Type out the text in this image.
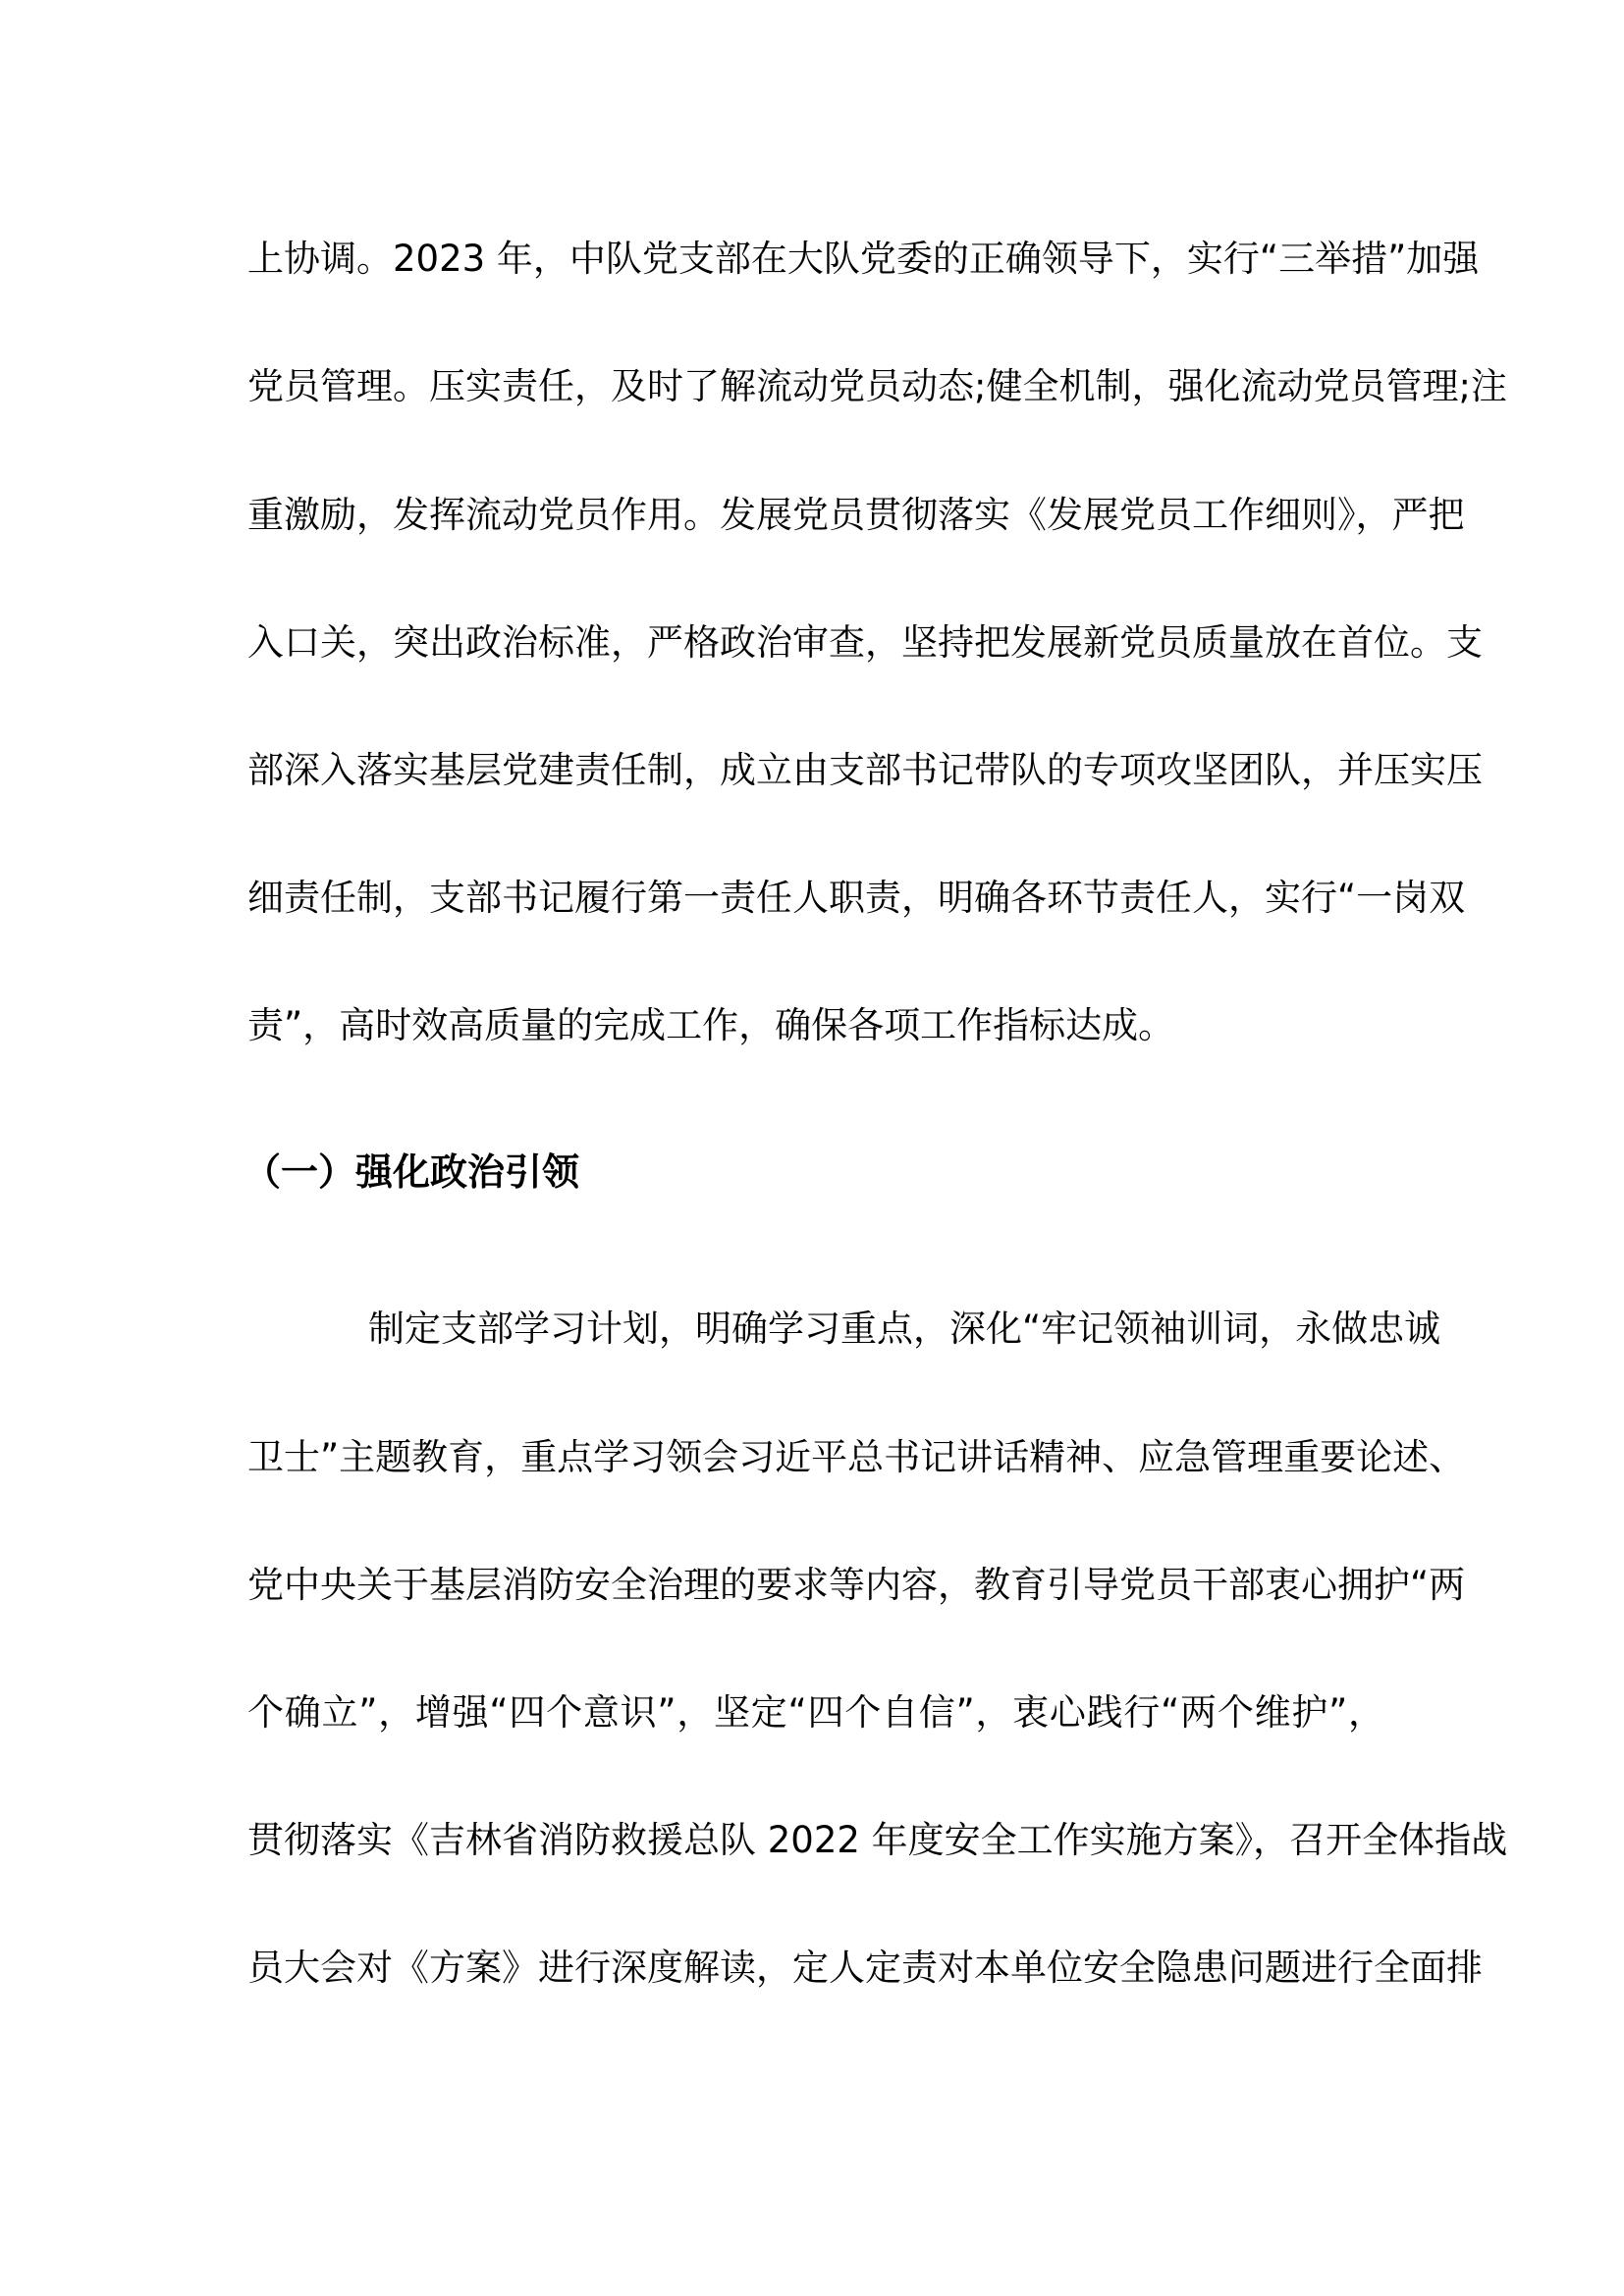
上协调。2023 年，中队党支部在大队党委的正确领导下，实行“三举措”加强
党员管理。压实责任，及时了解流动党员动态;健全机制，强化流动党员管理;注
重激励，发挥流动党员作用。发展党员贯彻落实《发展党员工作细则》，严把
入口关，突出政治标准，严格政治审查，坚持把发展新党员质量放在首位。支
部深入落实基层党建责任制，成立由支部书记带队的专项攻坚团队，并压实压
细责任制，支部书记履行第一责任人职责，明确各环节责任人，实行“一岗双
责”，高时效高质量的完成工作，确保各项工作指标达成。
（一）强化政治引领
制定支部学习计划，明确学习重点，深化“牢记领袖训词，永做忠诚
卫士”主题教育，重点学习领会习近平总书记讲话精神、应急管理重要论述、
党中央关于基层消防安全治理的要求等内容，教育引导党员干部衷心拥护“两
个确立”，增强“四个意识”，坚定“四个自信”，衷心践行“两个维护”，
贯彻落实《吉林省消防救援总队 2022 年度安全工作实施方案》，召开全体指战
员大会对《方案》进行深度解读，定人定责对本单位安全隐患问题进行全面排
